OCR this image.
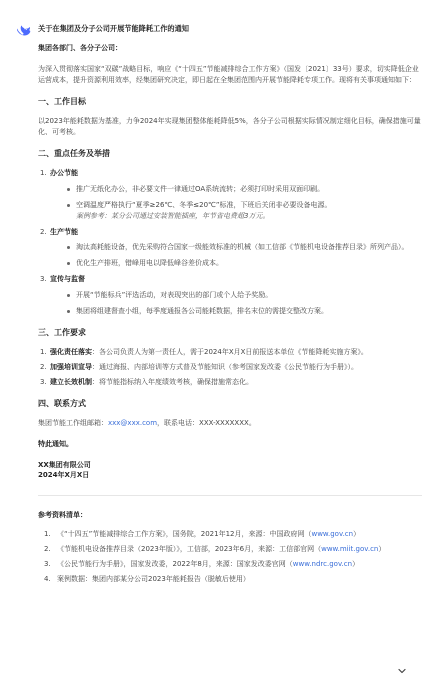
关于在集团及分子公司开展节能降耗工作的通知

集团各部门、各分子公司：

为深入贯彻落实国家“双碳”战略目标，响应《“十四五”节能减排综合工作方案》（国发〔2021〕33号）要求，切实降低企业运营成本，提升资源利用效率，经集团研究决定，即日起在全集团范围内开展节能降耗专项工作。现将有关事项通知如下：

一、工作目标

以2023年能耗数据为基准，力争2024年实现集团整体能耗降低5%，各分子公司根据实际情况制定细化目标，确保措施可量化、可考核。

二、重点任务及举措

1. 办公节能
推广无纸化办公，非必要文件一律通过OA系统流转；必须打印时采用双面印刷。
空调温度严格执行“夏季≥26℃、冬季≤20℃”标准，下班后关闭非必要设备电源。
案例参考：某分公司通过安装智能插座，年节省电费超3万元。
2. 生产节能
淘汰高耗能设备，优先采购符合国家一级能效标准的机械（如工信部《节能机电设备推荐目录》所列产品）。
优化生产排班，错峰用电以降低峰谷差价成本。
3. 宣传与监督
开展“节能标兵”评选活动，对表现突出的部门或个人给予奖励。
集团将组建督查小组，每季度通报各公司能耗数据，排名末位的需提交整改方案。

三、工作要求

1. 强化责任落实：各公司负责人为第一责任人，需于2024年X月X日前报送本单位《节能降耗实施方案》。
2. 加强培训宣导：通过海报、内部培训等方式普及节能知识（参考国家发改委《公民节能行为手册》）。
3. 建立长效机制：将节能指标纳入年度绩效考核，确保措施常态化。

四、联系方式

集团节能工作组邮箱：xxx@xxx.com，联系电话：XXX-XXXXXXX。

特此通知。

XX集团有限公司

2024年X月X日

参考资料清单：

1. 《“十四五”节能减排综合工作方案》，国务院，2021年12月，来源：中国政府网（www.gov.cn）
2. 《节能机电设备推荐目录（2023年版）》，工信部，2023年6月，来源：工信部官网（www.miit.gov.cn）
3. 《公民节能行为手册》，国家发改委，2022年8月，来源：国家发改委官网（www.ndrc.gov.cn）
4. 案例数据：集团内部某分公司2023年能耗报告（脱敏后使用）
